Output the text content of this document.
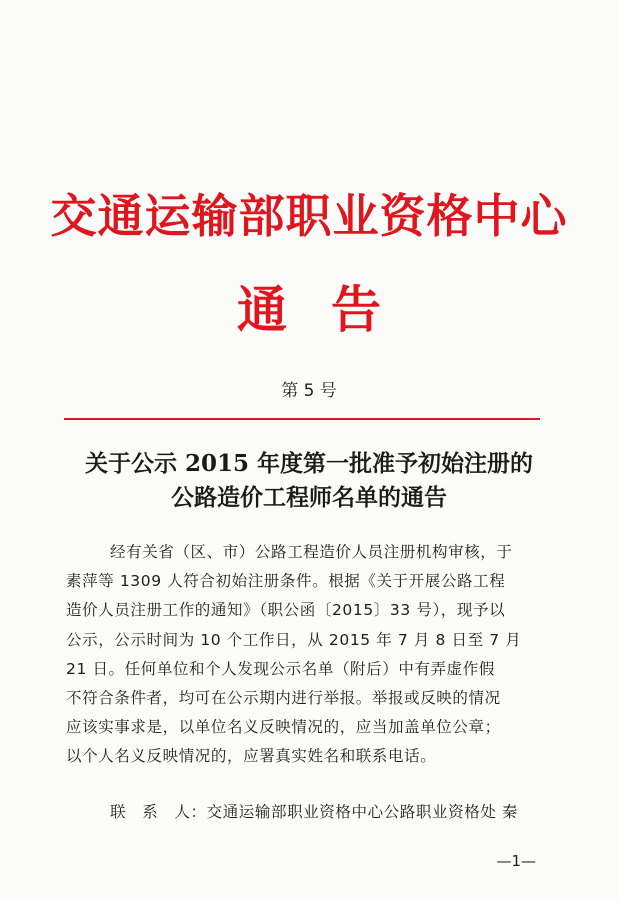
交通运输部职业资格中心
通告
第 5 号
关于公示 2015 年度第一批准予初始注册的
公路造价工程师名单的通告
经有关省（区、市）公路工程造价人员注册机构审核，于
素萍等 1309 人符合初始注册条件。根据《关于开展公路工程
造价人员注册工作的通知》（职公函〔2015〕33 号），现予以
公示，公示时间为 10 个工作日，从 2015 年 7 月 8 日至 7 月
21 日。任何单位和个人发现公示名单（附后）中有弄虚作假
不符合条件者，均可在公示期内进行举报。举报或反映的情况
应该实事求是，以单位名义反映情况的，应当加盖单位公章；
以个人名义反映情况的，应署真实姓名和联系电话。
联　系　人：交通运输部职业资格中心公路职业资格处 秦
—1—
